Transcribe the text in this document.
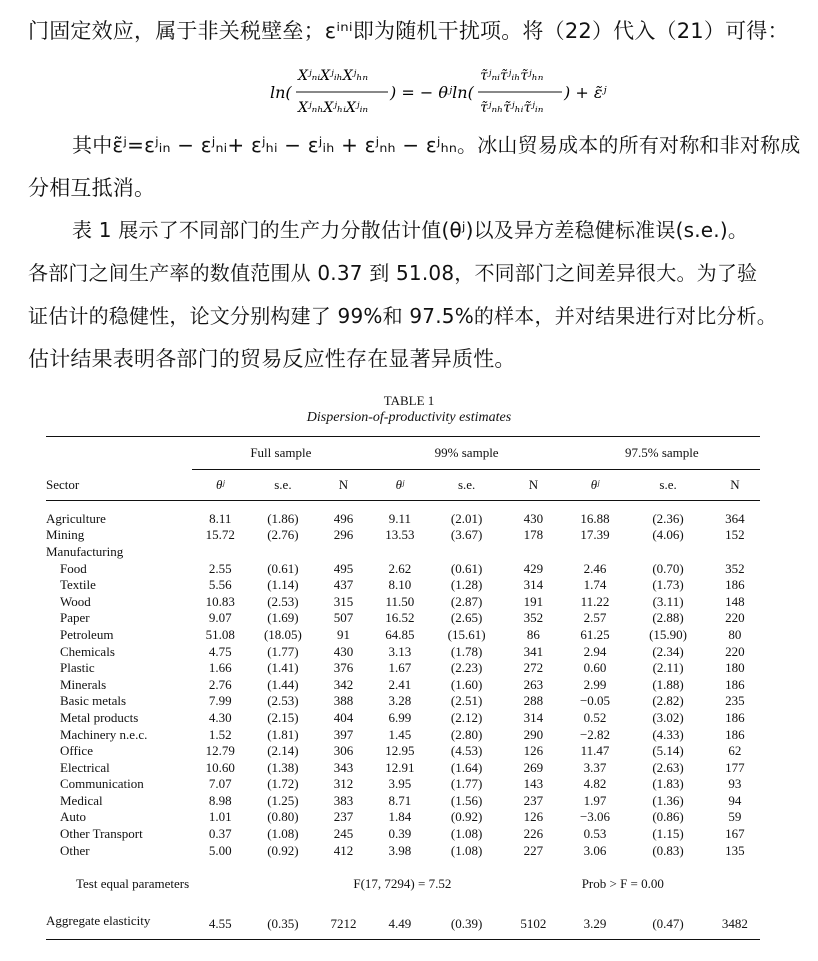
门固定效应，属于非关税壁垒；εⁱⁿⁱ即为随机干扰项。将（22）代入（21）可得：
ln(
XʲₙᵢXʲᵢₕXʲₕₙ
XʲₙₕXʲₕᵢXʲᵢₙ
) = − θʲln(
τ̃ʲₙᵢτ̃ʲᵢₕτ̃ʲₕₙ
τ̃ʲₙₕτ̃ʲₕᵢτ̃ʲᵢₙ
) + ε̃ʲ
其中ε̃ʲ=εʲᵢₙ − εʲₙᵢ+ εʲₕᵢ − εʲᵢₕ + εʲₙₕ − εʲₕₙ。冰山贸易成本的所有对称和非对称成
分相互抵消。
表 1 展示了不同部门的生产力分散估计值(θʲ)以及异方差稳健标准误(s.e.)。
各部门之间生产率的数值范围从 0.37 到 51.08，不同部门之间差异很大。为了验
证估计的稳健性，论文分别构建了 99%和 97.5%的样本，并对结果进行对比分析。
估计结果表明各部门的贸易反应性存在显著异质性。
TABLE 1
Dispersion-of-productivity estimates
	Full sample			99% sample			97.5% sample		
Sector	θʲ	s.e.	N	θʲ	s.e.	N	θʲ	s.e.	N

Agriculture	8.11	(1.86)	496	9.11	(2.01)	430	16.88	(2.36)	364
Mining	15.72	(2.76)	296	13.53	(3.67)	178	17.39	(4.06)	152
Manufacturing									
Food	2.55	(0.61)	495	2.62	(0.61)	429	2.46	(0.70)	352
Textile	5.56	(1.14)	437	8.10	(1.28)	314	1.74	(1.73)	186
Wood	10.83	(2.53)	315	11.50	(2.87)	191	11.22	(3.11)	148
Paper	9.07	(1.69)	507	16.52	(2.65)	352	2.57	(2.88)	220
Petroleum	51.08	(18.05)	91	64.85	(15.61)	86	61.25	(15.90)	80
Chemicals	4.75	(1.77)	430	3.13	(1.78)	341	2.94	(2.34)	220
Plastic	1.66	(1.41)	376	1.67	(2.23)	272	0.60	(2.11)	180
Minerals	2.76	(1.44)	342	2.41	(1.60)	263	2.99	(1.88)	186
Basic metals	7.99	(2.53)	388	3.28	(2.51)	288	−0.05	(2.82)	235
Metal products	4.30	(2.15)	404	6.99	(2.12)	314	0.52	(3.02)	186
Machinery n.e.c.	1.52	(1.81)	397	1.45	(2.80)	290	−2.82	(4.33)	186
Office	12.79	(2.14)	306	12.95	(4.53)	126	11.47	(5.14)	62
Electrical	10.60	(1.38)	343	12.91	(1.64)	269	3.37	(2.63)	177
Communication	7.07	(1.72)	312	3.95	(1.77)	143	4.82	(1.83)	93
Medical	8.98	(1.25)	383	8.71	(1.56)	237	1.97	(1.36)	94
Auto	1.01	(0.80)	237	1.84	(0.92)	126	−3.06	(0.86)	59
Other Transport	0.37	(1.08)	245	0.39	(1.08)	226	0.53	(1.15)	167
Other	5.00	(0.92)	412	3.98	(1.08)	227	3.06	(0.83)	135

Test equal parameters			F(17, 7294) = 7.52				Prob > F = 0.00		

Aggregate elasticity	4.55	(0.35)	7212	4.49	(0.39)	5102	3.29	(0.47)	3482
